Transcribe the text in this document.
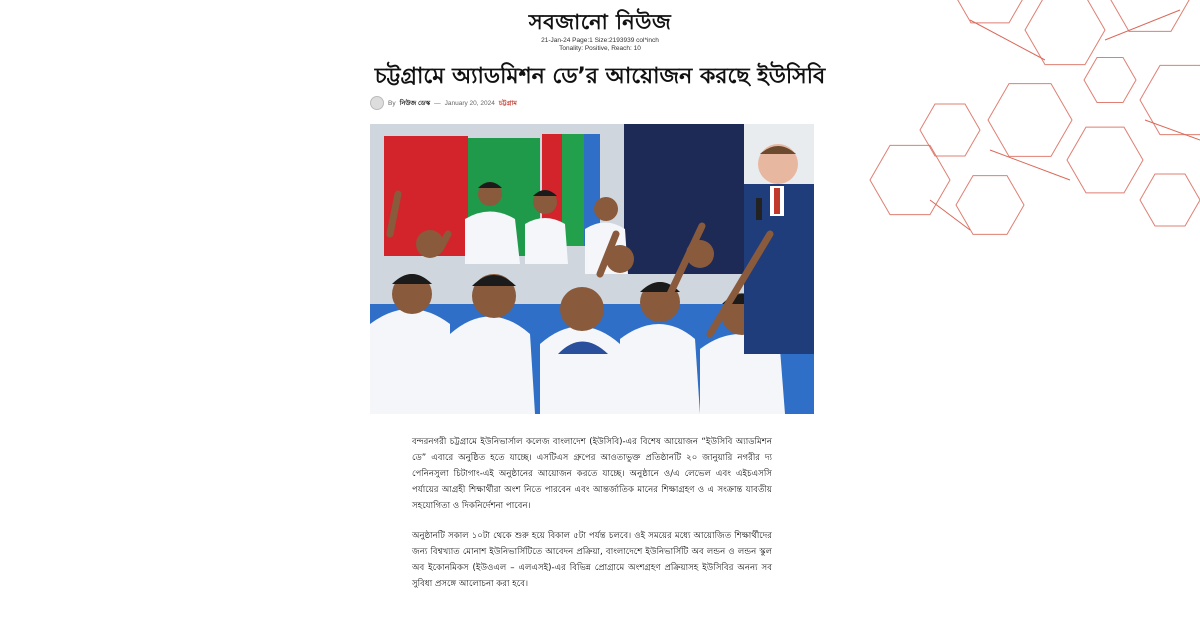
সবজানো নিউজ
21-Jan-24 Page:1 Size:2193939 col*inch
Tonality: Positive, Reach: 10
চট্টগ্রামে অ্যাডমিশন ডে’র আয়োজন করছে ইউসিবি
By নিউজ ডেস্ক — January 20, 2024 চট্টগ্রাম

বন্দরনগরী চট্টগ্রামে ইউনিভার্সাল কলেজ বাংলাদেশ (ইউসিবি)-এর বিশেষ আয়োজন “ইউসিবি অ্যাডমিশন ডে” এবারে অনুষ্ঠিত হতে যাচ্ছে। এসটিএস গ্রুপের আওতাভুক্ত প্রতিষ্ঠানটি ২০ জানুয়ারি নগরীর দ্য পেনিনসুলা চিটাগাং-এই অনুষ্ঠানের আয়োজন করতে যাচ্ছে। অনুষ্ঠানে ও/এ লেভেল এবং এইচএসসি পর্যায়ের আগ্রহী শিক্ষার্থীরা অংশ নিতে পারবেন এবং আন্তর্জাতিক মানের শিক্ষাগ্রহণ ও এ সংক্রান্ত যাবতীয় সহযোগিতা ও দিকনির্দেশনা পাবেন।

অনুষ্ঠানটি সকাল ১০টা থেকে শুরু হয়ে বিকাল ৫টা পর্যন্ত চলবে। ওই সময়ের মধ্যে আয়োজিত শিক্ষার্থীদের জন্য বিশ্বখ্যাত মোনাশ ইউনিভার্সিটিতে আবেদন প্রক্রিয়া, বাংলাদেশে ইউনিভার্সিটি অব লন্ডন ও লন্ডন স্কুল অব ইকোনমিকস (ইউওএল – এলএসই)-এর বিভিন্ন প্রোগ্রামে অংশগ্রহণ প্রক্রিয়াসহ ইউসিবির অনন্য সব সুবিধা প্রসঙ্গে আলোচনা করা হবে।
